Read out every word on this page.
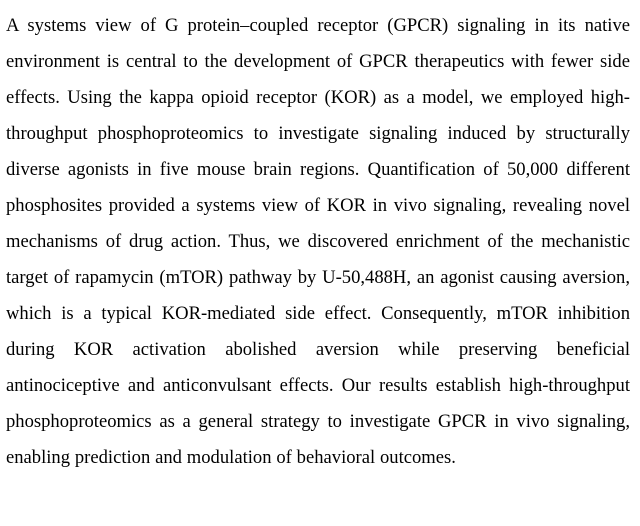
A systems view of G protein–coupled receptor (GPCR) signaling in its native environment is central to the development of GPCR therapeutics with fewer side effects. Using the kappa opioid receptor (KOR) as a model, we employed high-throughput phosphoproteomics to investigate signaling induced by structurally diverse agonists in five mouse brain regions. Quantification of 50,000 different phosphosites provided a systems view of KOR in vivo signaling, revealing novel mechanisms of drug action. Thus, we discovered enrichment of the mechanistic target of rapamycin (mTOR) pathway by U-50,488H, an agonist causing aversion, which is a typical KOR-mediated side effect. Consequently, mTOR inhibition during KOR activation abolished aversion while preserving beneficial antinociceptive and anticonvulsant effects. Our results establish high-throughput phosphoproteomics as a general strategy to investigate GPCR in vivo signaling, enabling prediction and modulation of behavioral outcomes.
